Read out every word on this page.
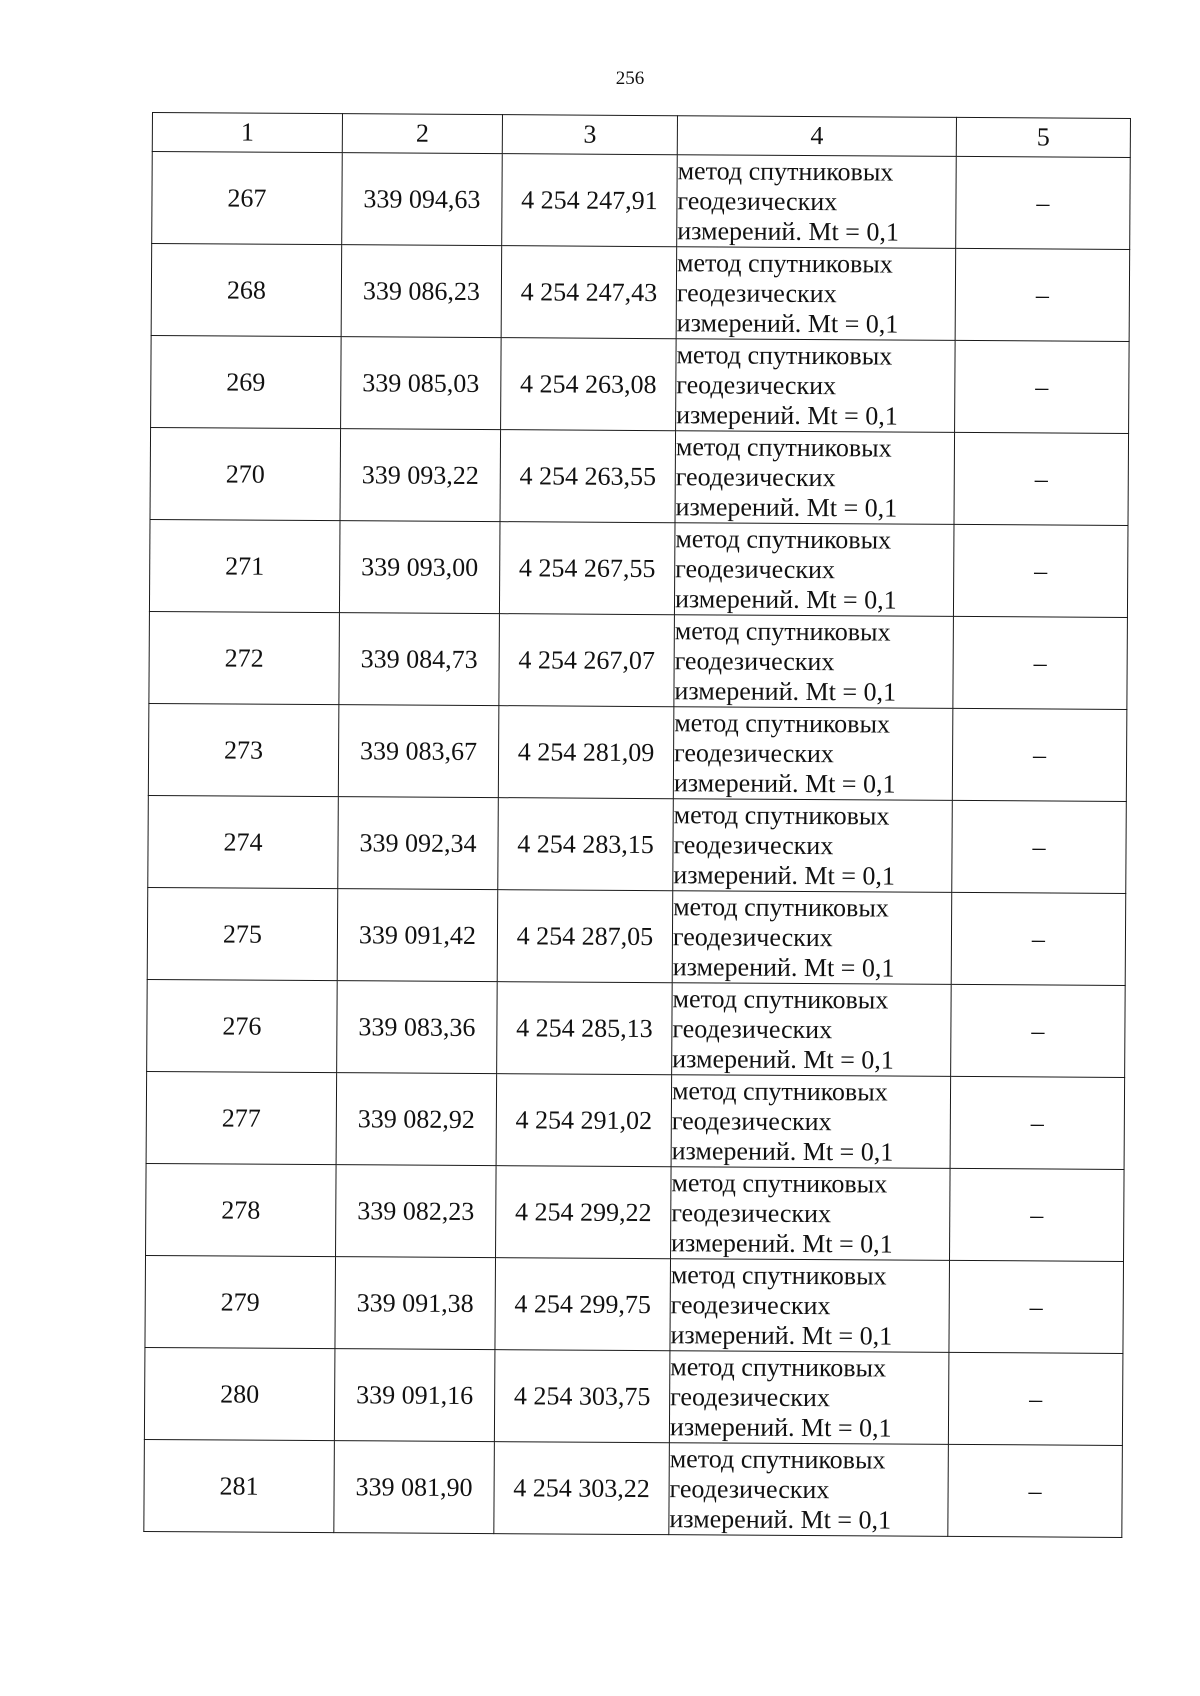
256
1	2	3	4	5
267	339 094,63	4 254 247,91	метод спутниковых
геодезических
измерений. Mt = 0,1	–
268	339 086,23	4 254 247,43	метод спутниковых
геодезических
измерений. Mt = 0,1	–
269	339 085,03	4 254 263,08	метод спутниковых
геодезических
измерений. Mt = 0,1	–
270	339 093,22	4 254 263,55	метод спутниковых
геодезических
измерений. Mt = 0,1	–
271	339 093,00	4 254 267,55	метод спутниковых
геодезических
измерений. Mt = 0,1	–
272	339 084,73	4 254 267,07	метод спутниковых
геодезических
измерений. Mt = 0,1	–
273	339 083,67	4 254 281,09	метод спутниковых
геодезических
измерений. Mt = 0,1	–
274	339 092,34	4 254 283,15	метод спутниковых
геодезических
измерений. Mt = 0,1	–
275	339 091,42	4 254 287,05	метод спутниковых
геодезических
измерений. Mt = 0,1	–
276	339 083,36	4 254 285,13	метод спутниковых
геодезических
измерений. Mt = 0,1	–
277	339 082,92	4 254 291,02	метод спутниковых
геодезических
измерений. Mt = 0,1	–
278	339 082,23	4 254 299,22	метод спутниковых
геодезических
измерений. Mt = 0,1	–
279	339 091,38	4 254 299,75	метод спутниковых
геодезических
измерений. Mt = 0,1	–
280	339 091,16	4 254 303,75	метод спутниковых
геодезических
измерений. Mt = 0,1	–
281	339 081,90	4 254 303,22	метод спутниковых
геодезических
измерений. Mt = 0,1	–
